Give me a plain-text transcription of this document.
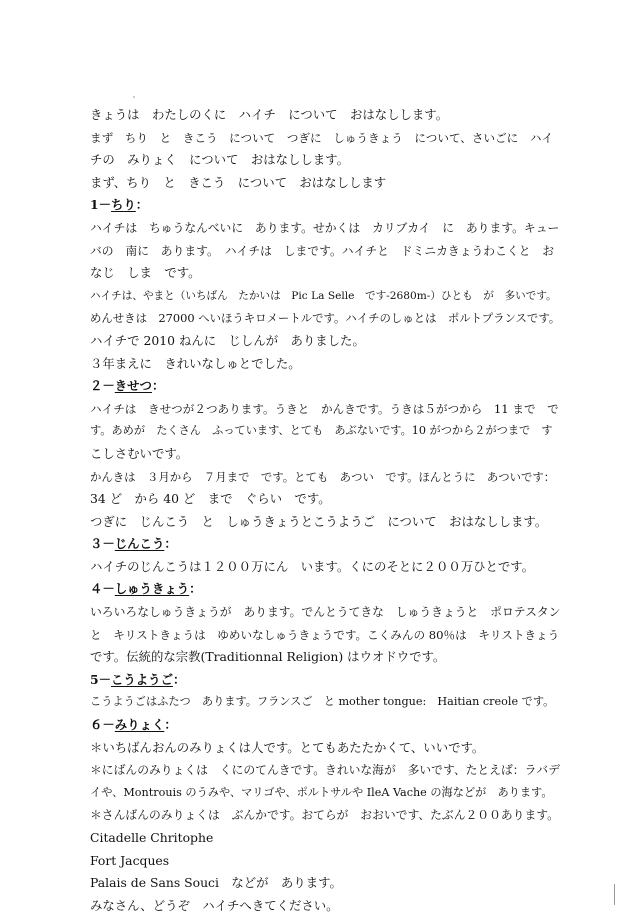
きょうは　わたしのくに　ハイチ　について　おはなしします。
まず　ちり　と　きこう　について　つぎに　しゅうきょう　について、さいごに　ハイ
チの　みりょく　について　おはなしします。
まず、ちり　と　きこう　について　おはなしします
1－ちり：
ハイチは　ちゅうなんべいに　あります。せかくは　カリブカイ　に　あります。キュー
バの　南に　あります。　ハイチは　しまです。ハイチと　ドミニカきょうわこくと　お
なじ　しま　です。
ハイチは、やまと（いちばん　たかいは　Pic La Selle　です-2680m-）ひとも　が　多いです。
めんせきは　27000 へいほうキロメートルです。ハイチのしゅとは　ポルトプランスです。
ハイチで 2010 ねんに　じしんが　ありました。
３年まえに　きれいなしゅとでした。
２－きせつ：
ハイチは　きせつが２つあります。うきと　かんきです。うきは５がつから　11 まで　で
す。あめが　たくさん　ふっています、とても　あぶないです。10 がつから２がつまで　す
こしさむいです。
かんきは　３月から　７月まで　です。とても　あつい　です。ほんとうに　あついです：
34 ど　から 40 ど　まで　ぐらい　です。
つぎに　じんこう　と　しゅうきょうとこうようご　について　おはなしします。
３－じんこう：
ハイチのじんこうは１２００万にん　います。くにのそとに２００万ひとです。
４－しゅうきょう：
いろいろなしゅうきょうが　あります。でんとうてきな　しゅうきょうと　ポロテスタン
と　キリストきょうは　ゆめいなしゅうきょうです。こくみんの 80％は　キリストきょう
です。伝統的な宗教(Traditionnal Religion) はウオドウです。
5－こうようご：
こうようごはふたつ　あります。フランスご　と mother tongue:　Haitian creole です。
６－みりょく：
＊いちばんおんのみりょくは人です。とてもあたたかくて、いいです。
＊にばんのみりょくは　くにのてんきです。きれいな海が　多いです、たとえば：ラバデ
イや、Montrouis のうみや、マリゴや、ポルトサルや IleA Vache の海などが　あります。
＊さんばんのみりょくは　ぶんかです。おてらが　おおいです、たぶん２００あります。
Citadelle Chritophe
Fort Jacques
Palais de Sans Souci　などが　あります。
みなさん、どうぞ　ハイチへきてください。
